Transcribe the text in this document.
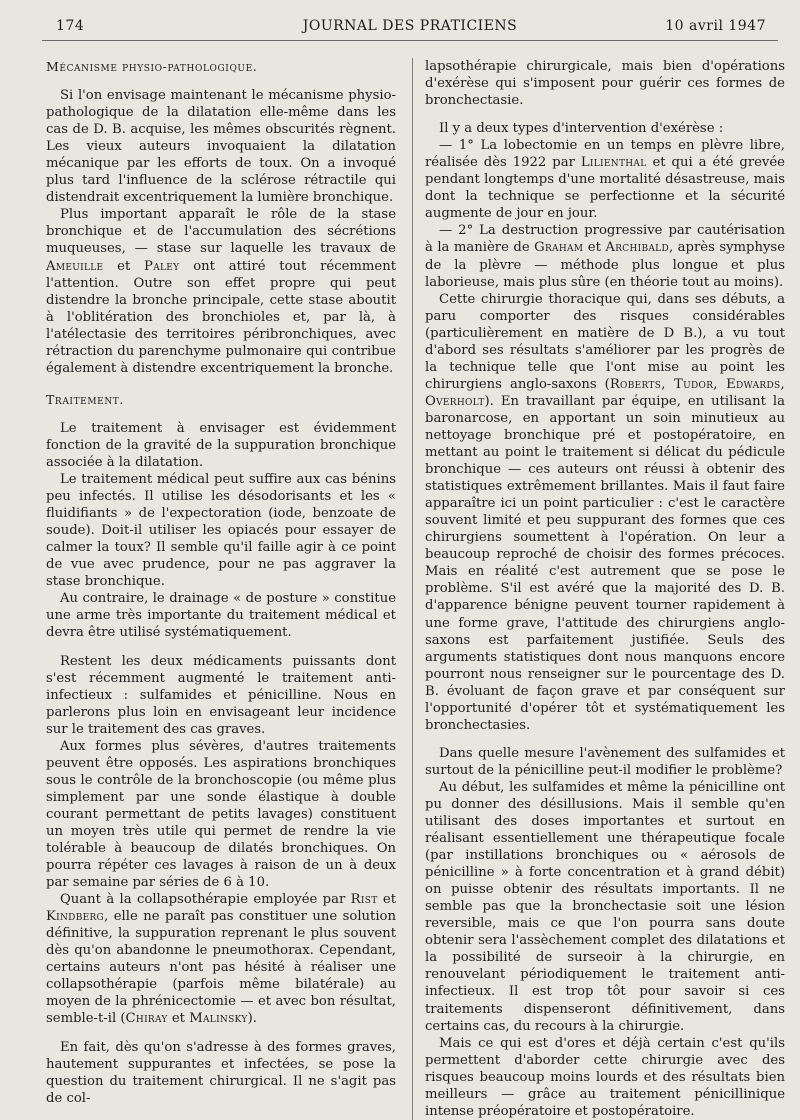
174	JOURNAL DES PRATICIENS	10 avril 1947
Mécanisme physio-pathologique.

Si l'on envisage maintenant le mécanisme physio-pathologique de la dilatation elle-même dans les cas de D. B. acquise, les mêmes obscurités règnent. Les vieux auteurs invoquaient la dilatation mécanique par les efforts de toux. On a invoqué plus tard l'influence de la sclérose rétractile qui distendrait excentriquement la lumière bronchique.

Plus important apparaît le rôle de la stase bronchique et de l'accumulation des sécrétions muqueuses, — stase sur laquelle les travaux de Ameuille et Paley ont attiré tout récemment l'attention. Outre son effet propre qui peut distendre la bronche principale, cette stase aboutit à l'oblitération des bronchioles et, par là, à l'atélectasie des territoires péribronchiques, avec rétraction du parenchyme pulmonaire qui contribue également à distendre excentriquement la bronche.

Traitement.

Le traitement à envisager est évidemment fonction de la gravité de la suppuration bronchique associée à la dilatation.

Le traitement médical peut suffire aux cas bénins peu infectés. Il utilise les désodorisants et les « fluidifiants » de l'expectoration (iode, benzoate de soude). Doit-il utiliser les opiacés pour essayer de calmer la toux? Il semble qu'il faille agir à ce point de vue avec prudence, pour ne pas aggraver la stase bronchique.

Au contraire, le drainage « de posture » constitue une arme très importante du traitement médical et devra être utilisé systématiquement.

Restent les deux médicaments puissants dont s'est récemment augmenté le traitement anti-infectieux : sulfamides et pénicilline. Nous en parlerons plus loin en envisageant leur incidence sur le traitement des cas graves.

Aux formes plus sévères, d'autres traitements peuvent être opposés. Les aspirations bronchiques sous le contrôle de la bronchoscopie (ou même plus simplement par une sonde élastique à double courant permettant de petits lavages) constituent un moyen très utile qui permet de rendre la vie tolérable à beaucoup de dilatés bronchiques. On pourra répéter ces lavages à raison de un à deux par semaine par séries de 6 à 10.

Quant à la collapsothérapie employée par Rist et Kindberg, elle ne paraît pas constituer une solution définitive, la suppuration reprenant le plus souvent dès qu'on abandonne le pneumothorax. Cependant, certains auteurs n'ont pas hésité à réaliser une collapsothérapie (parfois même bilatérale) au moyen de la phrénicectomie — et avec bon résultat, semble-t-il (Chiray et Malinsky).

En fait, dès qu'on s'adresse à des formes graves, hautement suppurantes et infectées, se pose la question du traitement chirurgical. Il ne s'agit pas de col-

lapsothérapie chirurgicale, mais bien d'opérations d'exérèse qui s'imposent pour guérir ces formes de bronchectasie.

Il y a deux types d'intervention d'exérèse :

— 1° La lobectomie en un temps en plèvre libre, réalisée dès 1922 par Lilienthal et qui a été grevée pendant longtemps d'une mortalité désastreuse, mais dont la technique se perfectionne et la sécurité augmente de jour en jour.

— 2° La destruction progressive par cautérisation à la manière de Graham et Archibald, après symphyse de la plèvre — méthode plus longue et plus laborieuse, mais plus sûre (en théorie tout au moins).

Cette chirurgie thoracique qui, dans ses débuts, a paru comporter des risques considérables (particulièrement en matière de D B.), a vu tout d'abord ses résultats s'améliorer par les progrès de la technique telle que l'ont mise au point les chirurgiens anglo-saxons (Roberts, Tudor, Edwards, Overholt). En travaillant par équipe, en utilisant la baronarcose, en apportant un soin minutieux au nettoyage bronchique pré et postopératoire, en mettant au point le traitement si délicat du pédicule bronchique — ces auteurs ont réussi à obtenir des statistiques extrêmement brillantes. Mais il faut faire apparaître ici un point particulier : c'est le caractère souvent limité et peu suppurant des formes que ces chirurgiens soumettent à l'opération. On leur a beaucoup reproché de choisir des formes précoces. Mais en réalité c'est autrement que se pose le problème. S'il est avéré que la majorité des D. B. d'apparence bénigne peuvent tourner rapidement à une forme grave, l'attitude des chirurgiens anglo-saxons est parfaitement justifiée. Seuls des arguments statistiques dont nous manquons encore pourront nous renseigner sur le pourcentage des D. B. évoluant de façon grave et par conséquent sur l'opportunité d'opérer tôt et systématiquement les bronchectasies.

Dans quelle mesure l'avènement des sulfamides et surtout de la pénicilline peut-il modifier le problème?

Au début, les sulfamides et même la pénicilline ont pu donner des désillusions. Mais il semble qu'en utilisant des doses importantes et surtout en réalisant essentiellement une thérapeutique focale (par instillations bronchiques ou « aérosols de pénicilline » à forte concentration et à grand débit) on puisse obtenir des résultats importants. Il ne semble pas que la bronchectasie soit une lésion reversible, mais ce que l'on pourra sans doute obtenir sera l'assèchement complet des dilatations et la possibilité de surseoir à la chirurgie, en renouvelant périodiquement le traitement anti-infectieux. Il est trop tôt pour savoir si ces traitements dispenseront définitivement, dans certains cas, du recours à la chirurgie.

Mais ce qui est d'ores et déjà certain c'est qu'ils permettent d'aborder cette chirurgie avec des risques beaucoup moins lourds et des résultats bien meilleurs — grâce au traitement pénicillinique intense préopératoire et postopératoire.
